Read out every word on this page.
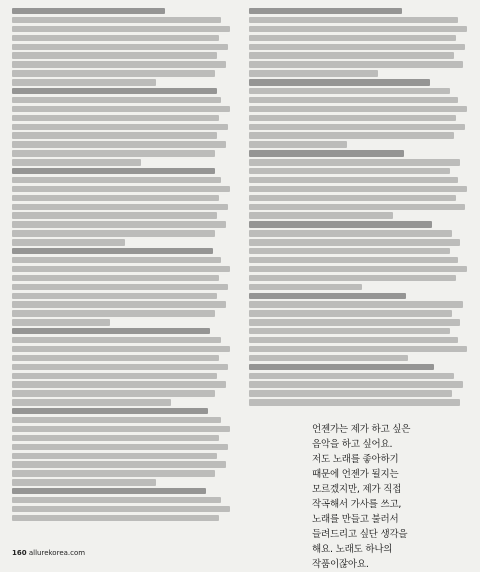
언젠가는 제가 하고 싶은
음악을 하고 싶어요.
저도 노래를 좋아하기
때문에 언젠가 될지는
모르겠지만, 제가 직접
작곡해서 가사를 쓰고,
노래를 만들고 불러서
들려드리고 싶단 생각을
해요. 노래도 하나의
작품이잖아요.
160 allurekorea.com
